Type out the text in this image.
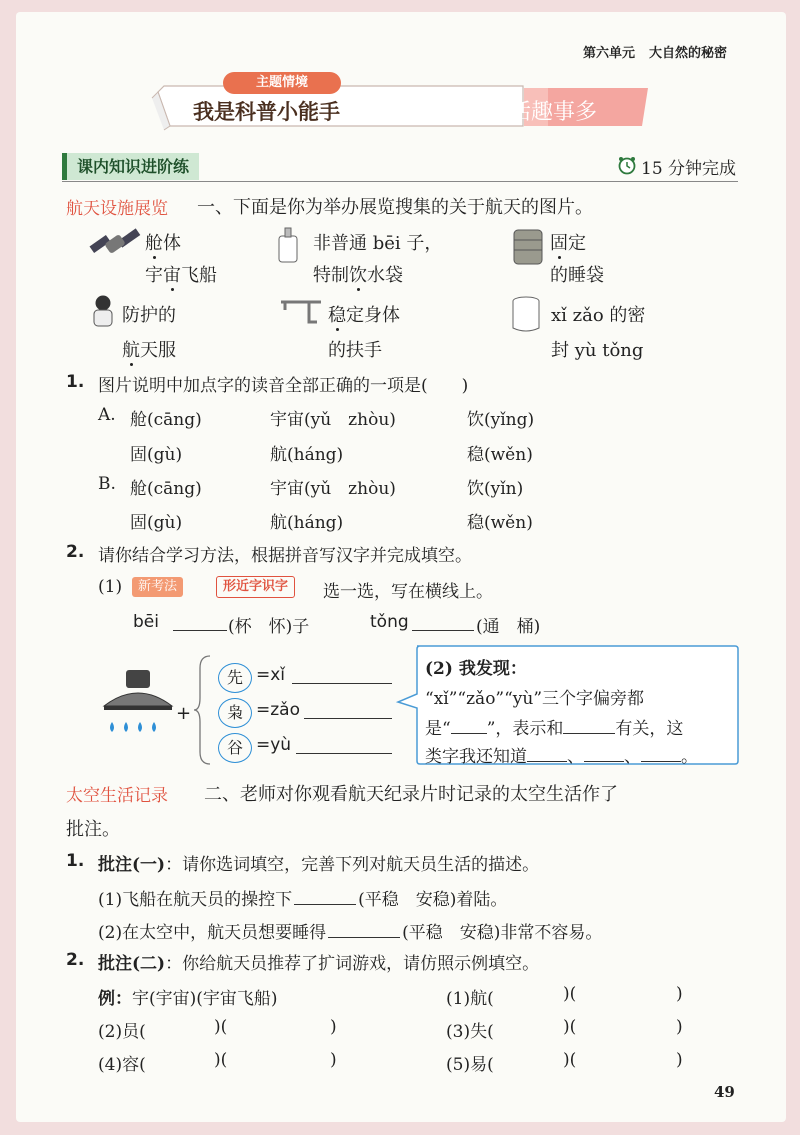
第六单元 大自然的秘密
主题情境
我是科普小能手	18 太空生活趣事多
课内知识进阶练	15 分钟完成
航天设施展览 一、下面是你为举办展览搜集的关于航天的图片。
舱体
宇宙飞船
非普通 bēi 子，
特制饮水袋
固定
的睡袋
防护的
航天服
稳定身体
的扶手
xǐ zǎo 的密
封 yù tǒng
1. 图片说明中加点字的读音全部正确的一项是(　　)
A. 舱(cāng)	宇宙(yǔ　zhòu)	饮(yǐng)
固(gù)	航(háng)	稳(wěn)
B. 舱(cāng)	宇宙(yǔ　zhòu)	饮(yǐn)
固(gù)	航(háng)	稳(wěn)
2. 请你结合学习方法，根据拼音写汉字并完成填空。
(1)	新考法	形近字识字	选一选，写在横线上。
bēi	(杯　怀)子	tǒng	(通　桶)
+
先 =xǐ
枭 =zǎo
谷 =yù
(2) 我发现：
“xǐ”“zǎo”“yù”三个字偏旁都
是“ ”，表示和	有关，这
类字我还知道 、 、 。
太空生活记录 二、老师对你观看航天纪录片时记录的太空生活作了
批注。
1. 批注(一)：请你选词填空，完善下列对航天员生活的描述。
(1)飞船在航天员的操控下	(平稳　安稳)着陆。
(2)在太空中，航天员想要睡得	(平稳　安稳)非常不容易。
2. 批注(二)：你给航天员推荐了扩词游戏，请仿照示例填空。
例：宇(宇宙)(宇宙飞船)	(1)航(	)(	)
(2)员(	)(	)	(3)失(	)(	)
(4)容(	)(	)	(5)易(	)(	)
49
